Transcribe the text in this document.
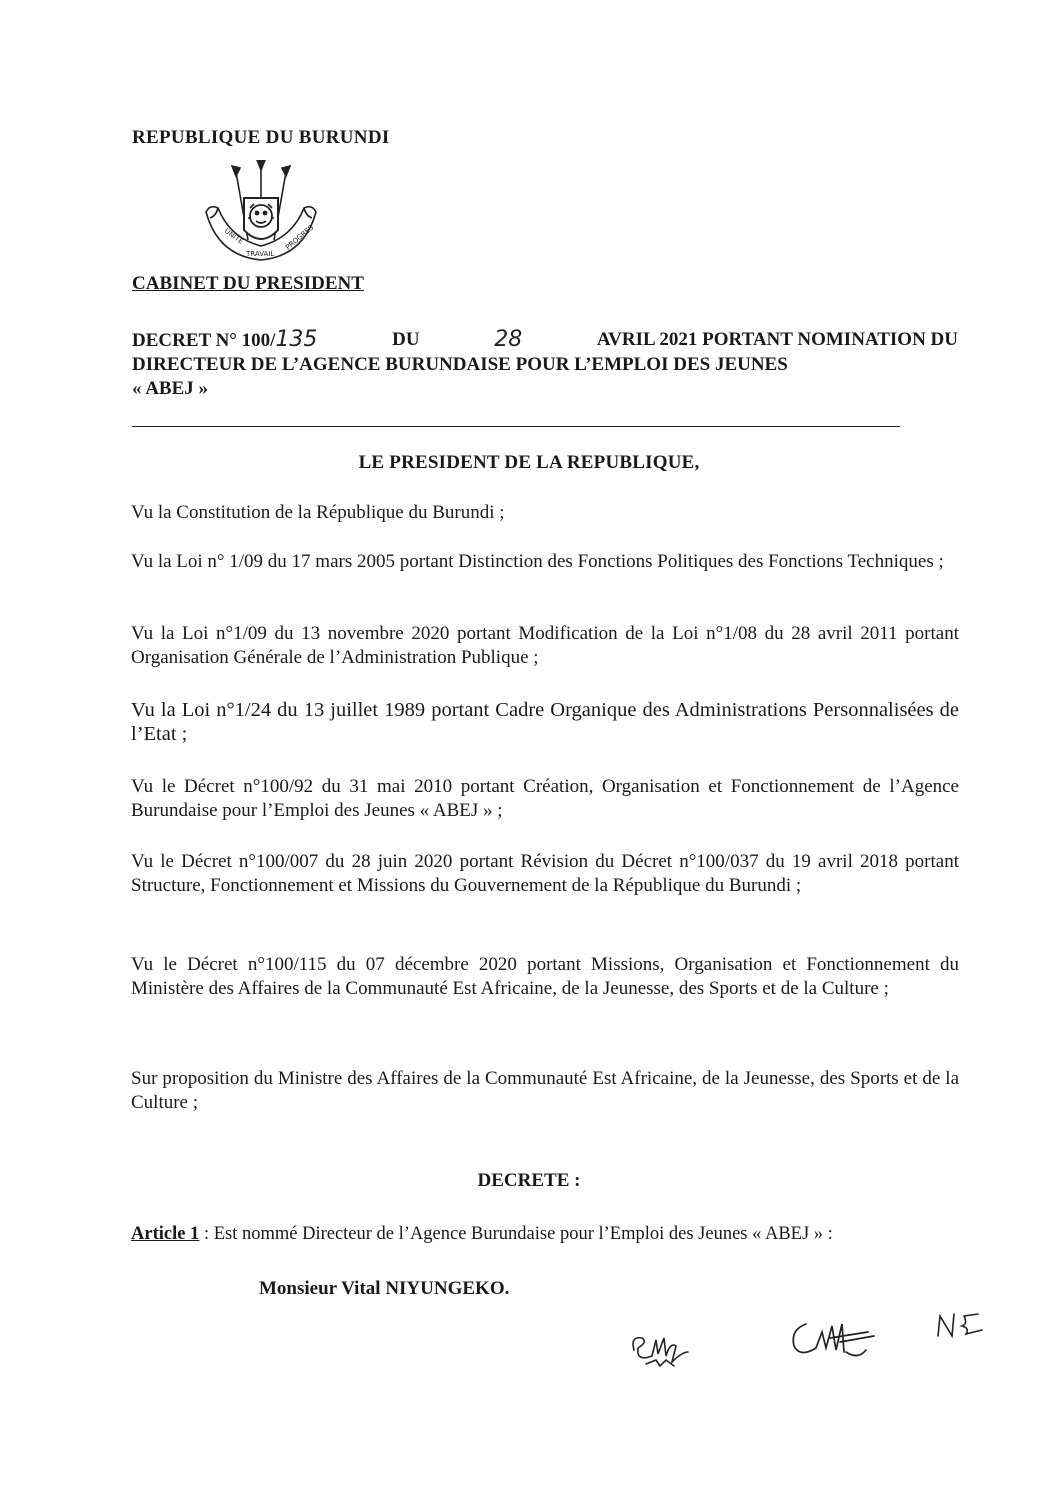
REPUBLIQUE DU BURUNDI
UNITE
TRAVAIL
PROGRES
CABINET DU PRESIDENT
DECRET N° 100/135	DU	28	AVRIL 2021 PORTANT NOMINATION DU
DIRECTEUR DE L’AGENCE BURUNDAISE POUR L’EMPLOI DES JEUNES
« ABEJ »
LE PRESIDENT DE LA REPUBLIQUE,
Vu la Constitution de la République du Burundi ;
Vu la Loi n° 1/09 du 17 mars 2005 portant Distinction des Fonctions Politiques des Fonctions Techniques ;
Vu la Loi n°1/09 du 13 novembre 2020 portant Modification de la Loi n°1/08 du 28 avril 2011 portant Organisation Générale de l’Administration Publique ;
Vu la Loi n°1/24 du 13 juillet 1989 portant Cadre Organique des Administrations Personnalisées de l’Etat ;
Vu le Décret n°100/92 du 31 mai 2010 portant Création, Organisation et Fonctionnement de l’Agence Burundaise pour l’Emploi des Jeunes « ABEJ » ;
Vu le Décret n°100/007 du 28 juin 2020 portant Révision du Décret n°100/037 du 19 avril 2018 portant Structure, Fonctionnement et Missions du Gouvernement de la République du Burundi ;
Vu le Décret n°100/115 du 07 décembre 2020 portant Missions, Organisation et Fonctionnement du Ministère des Affaires de la Communauté Est Africaine, de la Jeunesse, des Sports et de la Culture ;
Sur proposition du Ministre des Affaires de la Communauté Est Africaine, de la Jeunesse, des Sports et de la Culture ;
DECRETE :
Article 1 : Est nommé Directeur de l’Agence Burundaise pour l’Emploi des Jeunes « ABEJ » :
Monsieur Vital NIYUNGEKO.
